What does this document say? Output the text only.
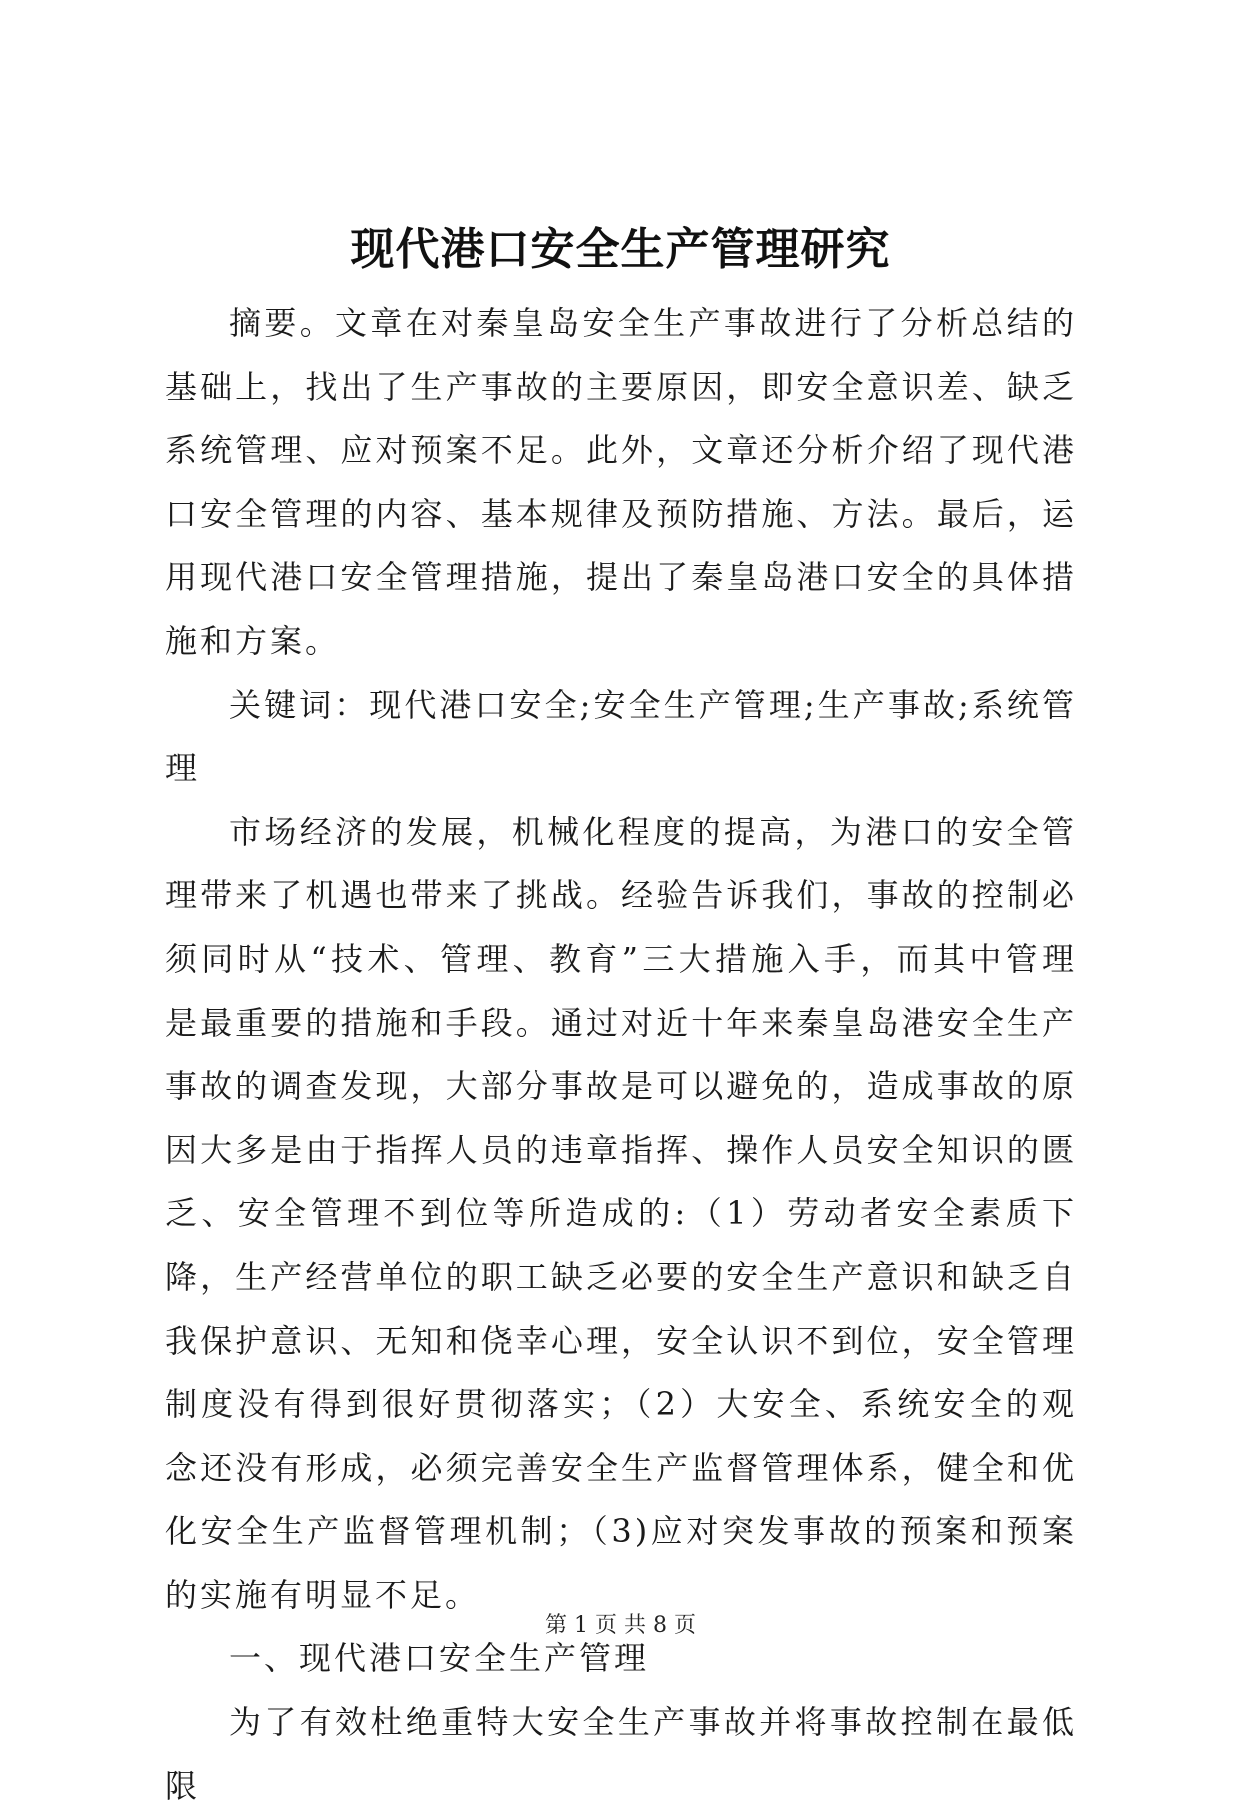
现代港口安全生产管理研究

摘要。文章在对秦皇岛安全生产事故进行了分析总结的基础上，找出了生产事故的主要原因，即安全意识差、缺乏系统管理、应对预案不足。此外，文章还分析介绍了现代港口安全管理的内容、基本规律及预防措施、方法。最后，运用现代港口安全管理措施，提出了秦皇岛港口安全的具体措施和方案。

关键词：现代港口安全;安全生产管理;生产事故;系统管理

市场经济的发展，机械化程度的提高，为港口的安全管理带来了机遇也带来了挑战。经验告诉我们，事故的控制必须同时从“技术、管理、教育”三大措施入手，而其中管理是最重要的措施和手段。通过对近十年来秦皇岛港安全生产事故的调查发现，大部分事故是可以避免的，造成事故的原因大多是由于指挥人员的违章指挥、操作人员安全知识的匮乏、安全管理不到位等所造成的:（1）劳动者安全素质下降，生产经营单位的职工缺乏必要的安全生产意识和缺乏自我保护意识、无知和侥幸心理，安全认识不到位，安全管理制度没有得到很好贯彻落实；（2）大安全、系统安全的观念还没有形成，必须完善安全生产监督管理体系，健全和优化安全生产监督管理机制；（3)应对突发事故的预案和预案的实施有明显不足。

一、现代港口安全生产管理

为了有效杜绝重特大安全生产事故并将事故控制在最低限

第 1 页 共 8 页
